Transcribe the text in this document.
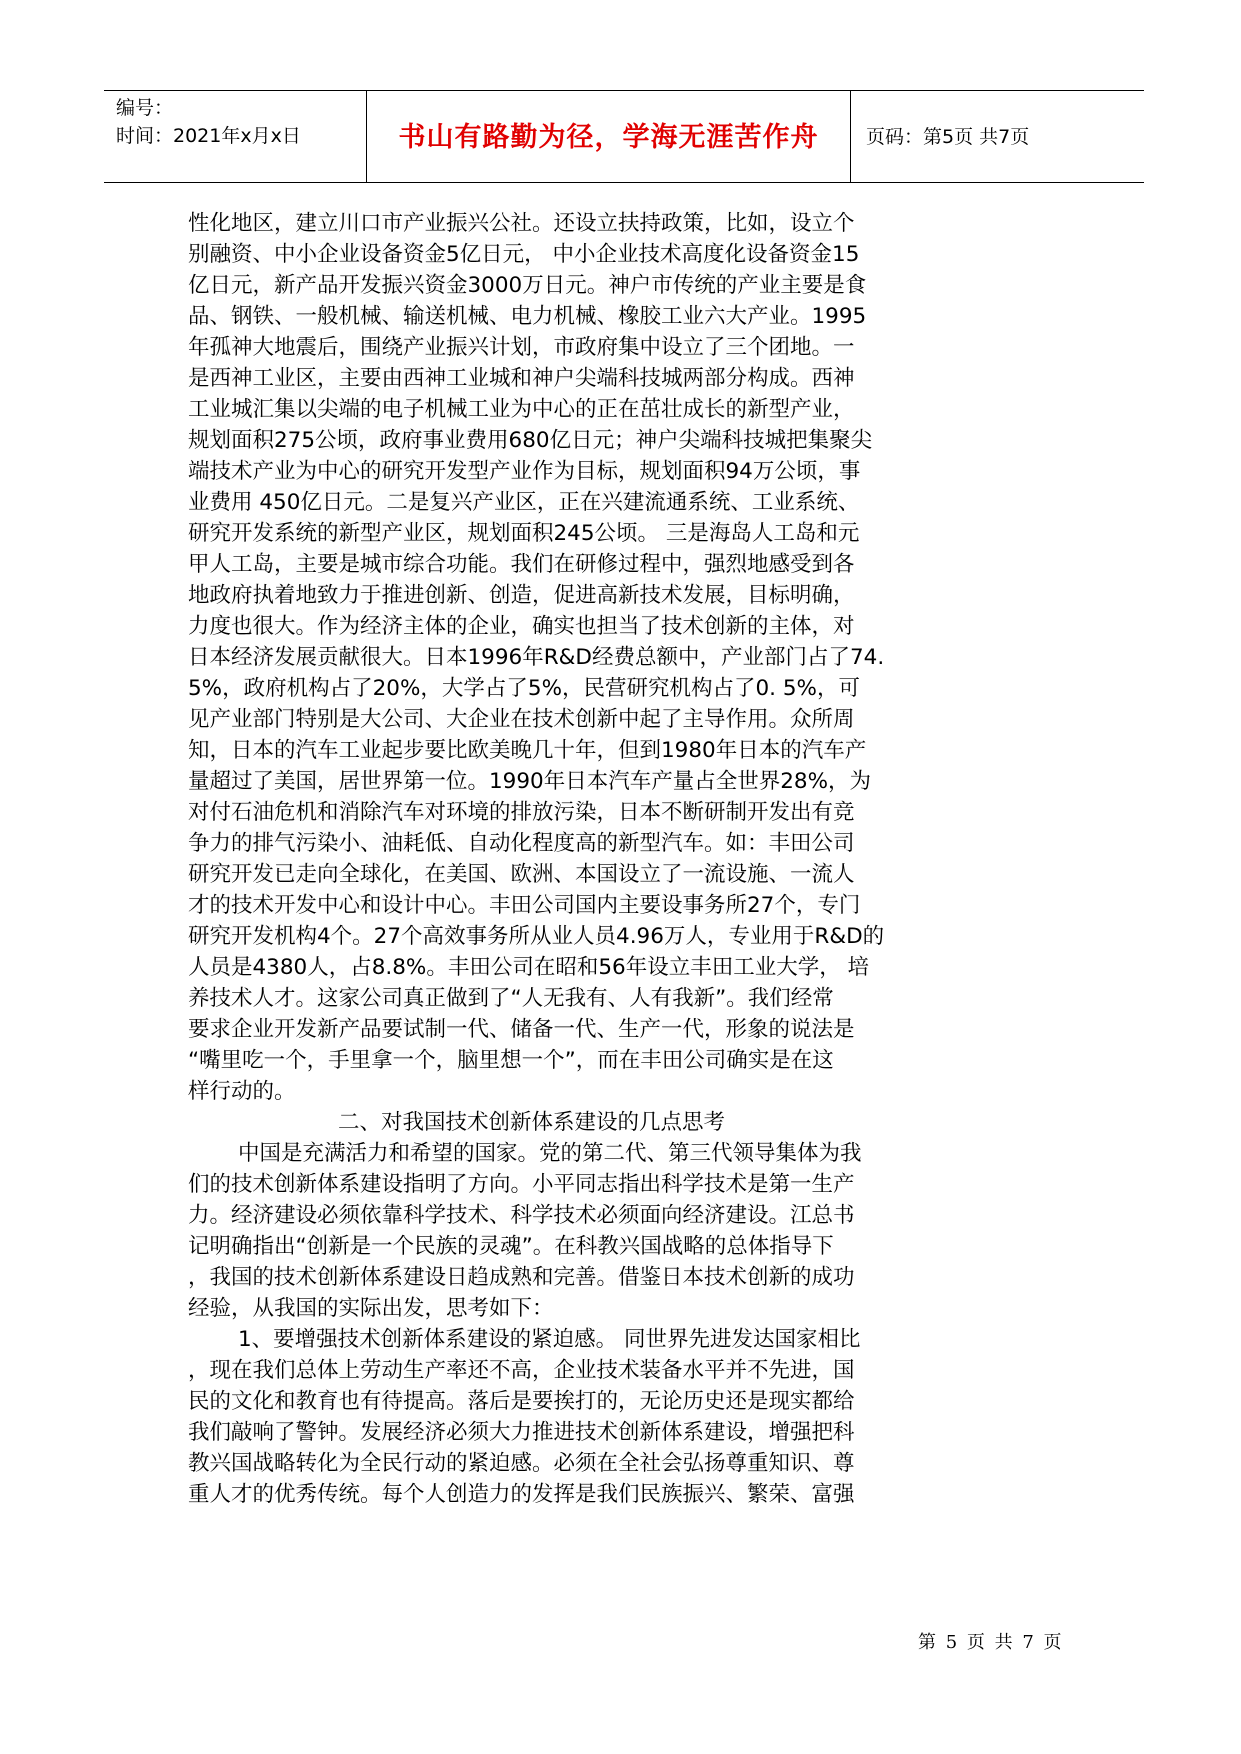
编号：
时间：2021年x月x日	书山有路勤为径，学海无涯苦作舟	页码：第5页 共7页
性化地区，建立川口市产业振兴公社。还设立扶持政策，比如，设立个
别融资、中小企业设备资金5亿日元， 中小企业技术高度化设备资金15
亿日元，新产品开发振兴资金3000万日元。神户市传统的产业主要是食
品、钢铁、一般机械、输送机械、电力机械、橡胶工业六大产业。1995
年孤神大地震后，围绕产业振兴计划，市政府集中设立了三个团地。一
是西神工业区，主要由西神工业城和神户尖端科技城两部分构成。西神
工业城汇集以尖端的电子机械工业为中心的正在茁壮成长的新型产业，
规划面积275公顷，政府事业费用680亿日元；神户尖端科技城把集聚尖
端技术产业为中心的研究开发型产业作为目标，规划面积94万公顷，事
业费用 450亿日元。二是复兴产业区，正在兴建流通系统、工业系统、
研究开发系统的新型产业区，规划面积245公顷。 三是海岛人工岛和元
甲人工岛，主要是城市综合功能。我们在研修过程中，强烈地感受到各
地政府执着地致力于推进创新、创造，促进高新技术发展，目标明确，
力度也很大。作为经济主体的企业，确实也担当了技术创新的主体，对
日本经济发展贡献很大。日本1996年R&D经费总额中，产业部门占了74.
5%，政府机构占了20%，大学占了5%，民营研究机构占了0. 5%，可
见产业部门特别是大公司、大企业在技术创新中起了主导作用。众所周
知，日本的汽车工业起步要比欧美晚几十年，但到1980年日本的汽车产
量超过了美国，居世界第一位。1990年日本汽车产量占全世界28%，为
对付石油危机和消除汽车对环境的排放污染，日本不断研制开发出有竞
争力的排气污染小、油耗低、自动化程度高的新型汽车。如：丰田公司
研究开发已走向全球化，在美国、欧洲、本国设立了一流设施、一流人
才的技术开发中心和设计中心。丰田公司国内主要设事务所27个，专门
研究开发机构4个。27个高效事务所从业人员4.96万人，专业用于R&D的
人员是4380人，占8.8%。丰田公司在昭和56年设立丰田工业大学， 培
养技术人才。这家公司真正做到了“人无我有、人有我新”。我们经常
要求企业开发新产品要试制一代、储备一代、生产一代，形象的说法是
“嘴里吃一个，手里拿一个，脑里想一个”，而在丰田公司确实是在这
样行动的。
二、对我国技术创新体系建设的几点思考
中国是充满活力和希望的国家。党的第二代、第三代领导集体为我
们的技术创新体系建设指明了方向。小平同志指出科学技术是第一生产
力。经济建设必须依靠科学技术、科学技术必须面向经济建设。江总书
记明确指出“创新是一个民族的灵魂”。在科教兴国战略的总体指导下
，我国的技术创新体系建设日趋成熟和完善。借鉴日本技术创新的成功
经验，从我国的实际出发，思考如下：
1、要增强技术创新体系建设的紧迫感。 同世界先进发达国家相比
，现在我们总体上劳动生产率还不高，企业技术装备水平并不先进，国
民的文化和教育也有待提高。落后是要挨打的，无论历史还是现实都给
我们敲响了警钟。发展经济必须大力推进技术创新体系建设，增强把科
教兴国战略转化为全民行动的紧迫感。必须在全社会弘扬尊重知识、尊
重人才的优秀传统。每个人创造力的发挥是我们民族振兴、繁荣、富强
第 5 页 共 7 页
